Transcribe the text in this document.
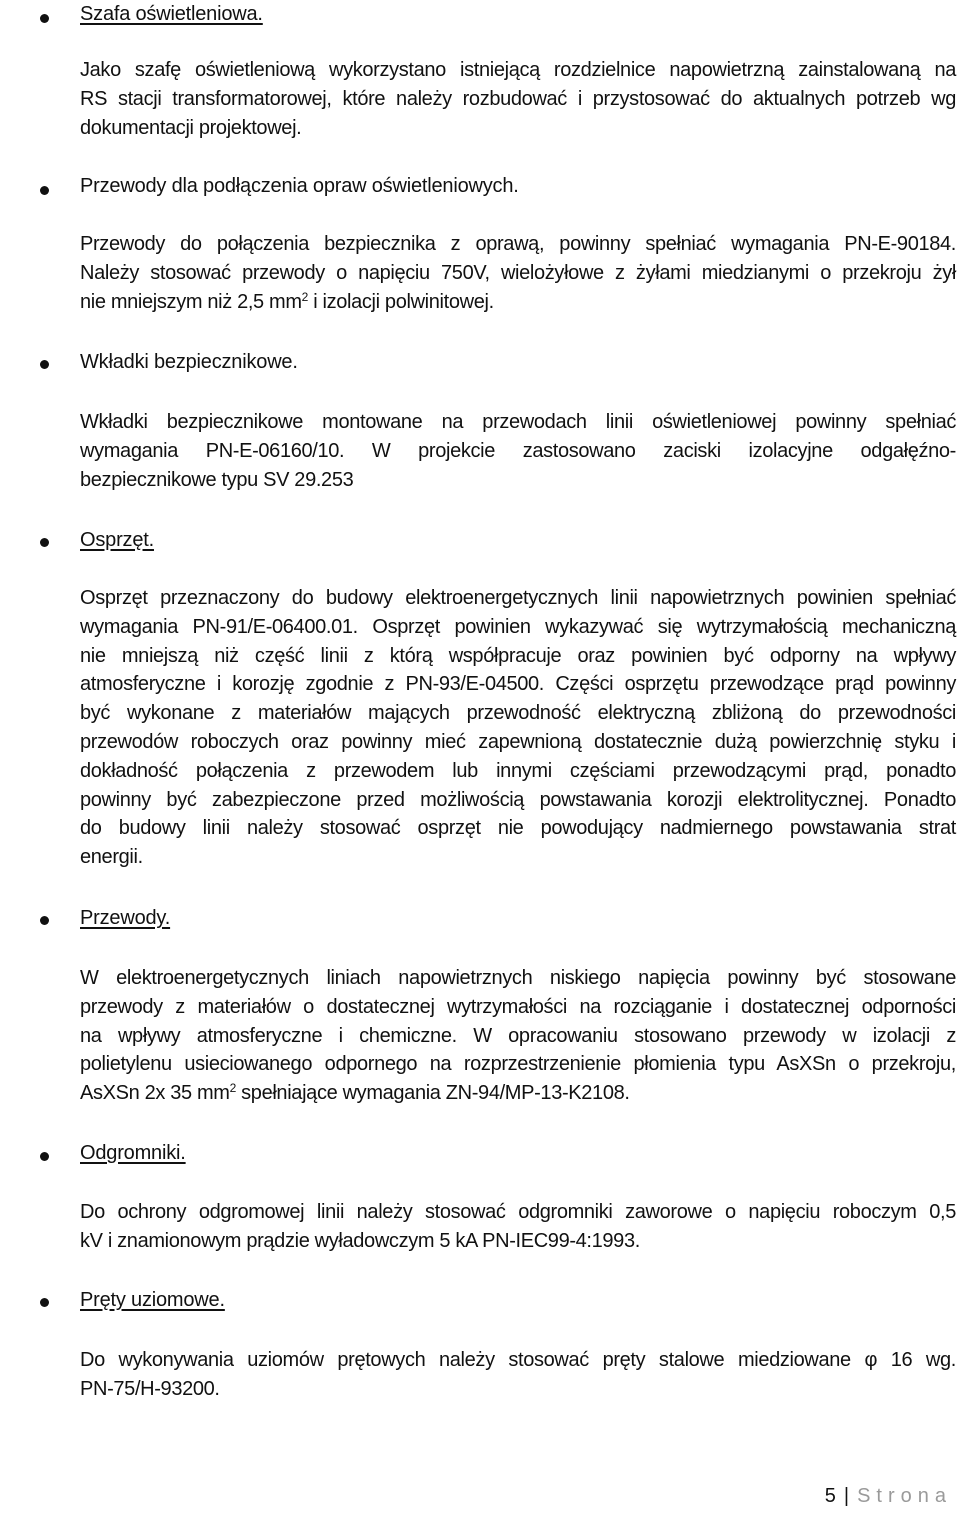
Szafa oświetleniowa.
Jako szafę oświetleniową wykorzystano istniejącą rozdzielnice napowietrzną zainstalowaną na
RS stacji transformatorowej, które należy rozbudować i przystosować do aktualnych potrzeb wg
dokumentacji projektowej.
Przewody dla podłączenia opraw oświetleniowych.
Przewody do połączenia bezpiecznika z oprawą, powinny spełniać wymagania PN-E-90184.
Należy stosować przewody o napięciu 750V, wielożyłowe z żyłami miedzianymi o przekroju żył
nie mniejszym niż 2,5 $mm^2$ i izolacji polwinitowej.
Wkładki bezpiecznikowe.
Wkładki bezpiecznikowe montowane na przewodach linii oświetleniowej powinny spełniać
wymagania PN-E-06160/10. W projekcie zastosowano zaciski izolacyjne odgałęźno-
bezpiecznikowe typu SV 29.253
Osprzęt.
Osprzęt przeznaczony do budowy elektroenergetycznych linii napowietrznych powinien spełniać
wymagania PN-91/E-06400.01. Osprzęt powinien wykazywać się wytrzymałością mechaniczną
nie mniejszą niż część linii z którą współpracuje oraz powinien być odporny na wpływy
atmosferyczne i korozję zgodnie z PN-93/E-04500. Części osprzętu przewodzące prąd powinny
być wykonane z materiałów mających przewodność elektryczną zbliżoną do przewodności
przewodów roboczych oraz powinny mieć zapewnioną dostatecznie dużą powierzchnię styku i
dokładność połączenia z przewodem lub innymi częściami przewodzącymi prąd, ponadto
powinny być zabezpieczone przed możliwością powstawania korozji elektrolitycznej. Ponadto
do budowy linii należy stosować osprzęt nie powodujący nadmiernego powstawania strat
energii.
Przewody.
W elektroenergetycznych liniach napowietrznych niskiego napięcia powinny być stosowane
przewody z materiałów o dostatecznej wytrzymałości na rozciąganie i dostatecznej odporności
na wpływy atmosferyczne i chemiczne. W opracowaniu stosowano przewody w izolacji z
polietylenu usieciowanego odpornego na rozprzestrzenienie płomienia typu AsXSn o przekroju,
AsXSn 2x 35 $mm^2$ spełniające wymagania ZN-94/MP-13-K2108.
Odgromniki.
Do ochrony odgromowej linii należy stosować odgromniki zaworowe o napięciu roboczym 0,5
kV i znamionowym prądzie wyładowczym 5 kA PN-IEC99-4:1993.
Pręty uziomowe.
Do wykonywania uziomów prętowych należy stosować pręty stalowe miedziowane φ 16 wg.
PN-75/H-93200.
5 | Strona
